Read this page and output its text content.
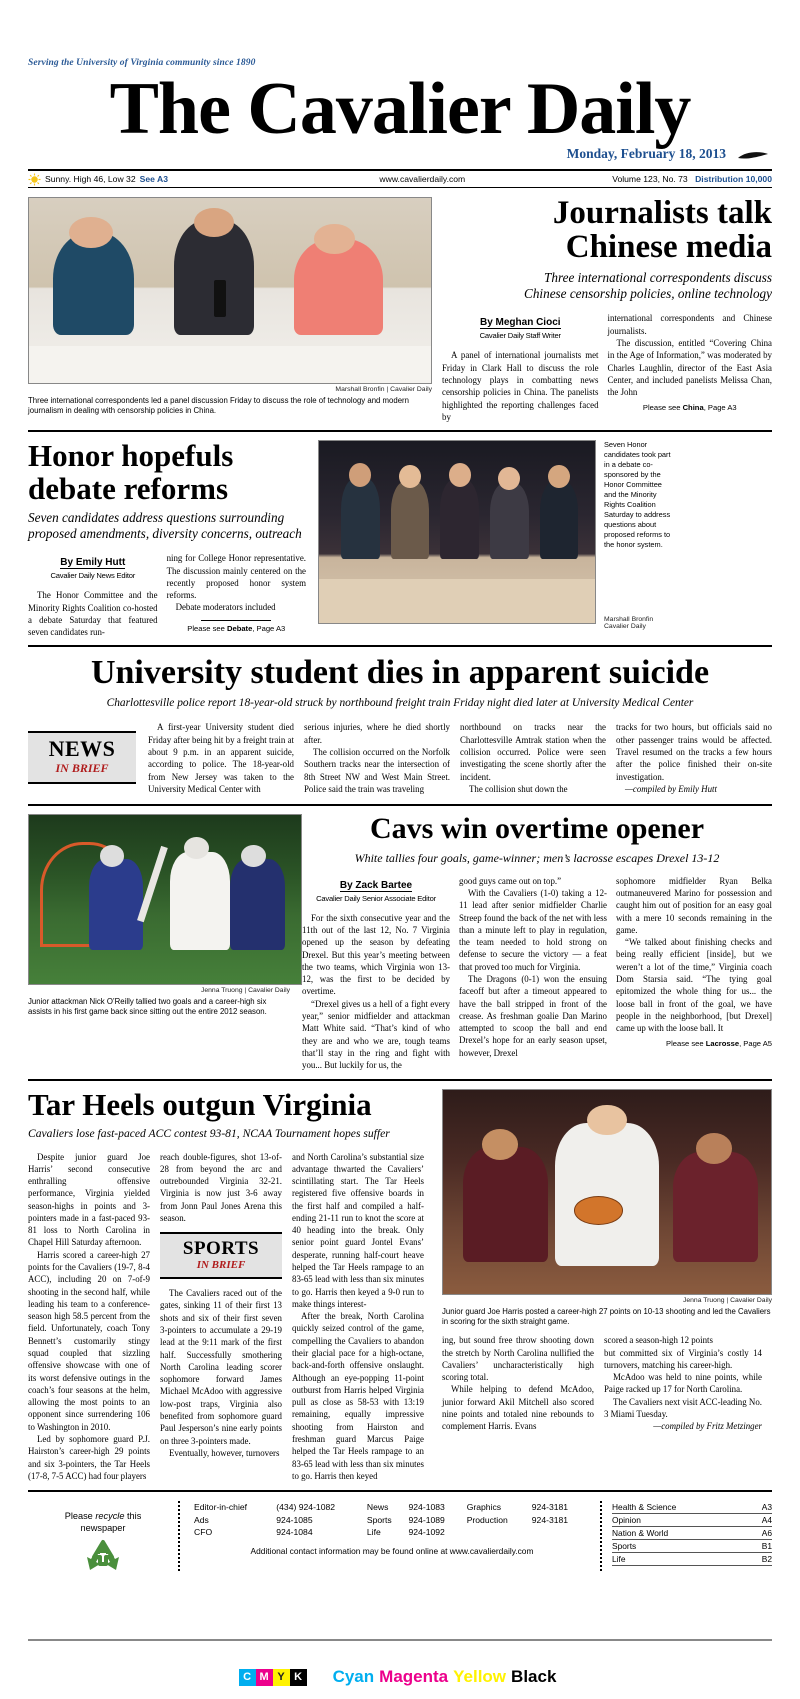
Serving the University of Virginia community since 1890
The Cavalier Daily
Monday, February 18, 2013
Sunny. High 46, Low 32 See A3	www.cavalierdaily.com	Volume 123, No. 73 Distribution 10,000
Marshall Bronfin | Cavalier Daily
Three international correspondents led a panel discussion Friday to discuss the role of technology and modern journalism in dealing with censorship policies in China.
Journalists talk
Chinese media
Three international correspondents discuss
Chinese censorship policies, online technology
By Meghan Cioci
Cavalier Daily Staff Writer

A panel of international journalists met Friday in Clark Hall to discuss the role technology plays in combatting news censorship policies in China. The panelists highlighted the reporting challenges faced by

international correspondents and Chinese journalists.

The discussion, entitled “Covering China in the Age of Information,” was moderated by Charles Laughlin, director of the East Asia Center, and included panelists Melissa Chan, the John

Please see China, Page A3
Honor hopefuls
debate reforms
Seven candidates address questions surrounding
proposed amendments, diversity concerns, outreach
By Emily Hutt
Cavalier Daily News Editor

The Honor Committee and the Minority Rights Coalition co-hosted a debate Saturday that featured seven candidates run-

ning for College Honor representative. The discussion mainly centered on the recently proposed honor system reforms.

Debate moderators included

Please see Debate, Page A3
Seven Honor candidates took part in a debate co-sponsored by the Honor Committee and the Minority Rights Coalition Saturday to address questions about proposed reforms to the honor system.
Marshall Bronfin
Cavalier Daily
University student dies in apparent suicide
Charlottesville police report 18-year-old struck by northbound freight train Friday night died later at University Medical Center
NEWS
IN BRIEF

A first-year University student died Friday after being hit by a freight train at about 9 p.m. in an apparent suicide, according to police. The 18-year-old from New Jersey was taken to the University Medical Center with

serious injuries, where he died shortly after.

The collision occurred on the Norfolk Southern tracks near the intersection of 8th Street NW and West Main Street. Police said the train was traveling

northbound on tracks near the Charlottesville Amtrak station when the collision occurred. Police were seen investigating the scene shortly after the incident.

The collision shut down the

tracks for two hours, but officials said no other passenger trains would be affected. Travel resumed on the tracks a few hours after the police finished their on-site investigation.

—compiled by Emily Hutt

Jenna Truong | Cavalier Daily
Junior attackman Nick O’Reilly tallied two goals and a career-high six assists in his first game back since sitting out the entire 2012 season.
Cavs win overtime opener
White tallies four goals, game-winner; men’s lacrosse escapes Drexel 13-12
By Zack Bartee
Cavalier Daily Senior Associate Editor

For the sixth consecutive year and the 11th out of the last 12, No. 7 Virginia opened up the season by defeating Drexel. But this year’s meeting between the two teams, which Virginia won 13-12, was the first to be decided by overtime.

“Drexel gives us a hell of a fight every year,” senior midfielder and attackman Matt White said. “That’s kind of who they are and who we are, tough teams that’ll stay in the ring and fight with you... But luckily for us, the

good guys came out on top.”

With the Cavaliers (1-0) taking a 12-11 lead after senior midfielder Charlie Streep found the back of the net with less than a minute left to play in regulation, the team needed to hold strong on defense to secure the victory — a feat that proved too much for Virginia.

The Dragons (0-1) won the ensuing faceoff but after a timeout appeared to have the ball stripped in front of the crease. As freshman goalie Dan Marino attempted to scoop the ball and end Drexel’s hope for an early season upset, however, Drexel

sophomore midfielder Ryan Belka outmaneuvered Marino for possession and caught him out of position for an easy goal with a mere 10 seconds remaining in the game.

“We talked about finishing checks and being really efficient [inside], but we weren’t a lot of the time,” Virginia coach Dom Starsia said. “The tying goal epitomized the whole thing for us... the loose ball in front of the goal, we have people in the neighborhood, [but Drexel] came up with the loose ball. It

Please see Lacrosse, Page A5
Tar Heels outgun Virginia
Cavaliers lose fast-paced ACC contest 93-81, NCAA Tournament hopes suffer

Despite junior guard Joe Harris’ second consecutive enthralling offensive performance, Virginia yielded season-highs in points and 3-pointers made in a fast-paced 93-81 loss to North Carolina in Chapel Hill Saturday afternoon.

Harris scored a career-high 27 points for the Cavaliers (19-7, 8-4 ACC), including 20 on 7-of-9 shooting in the second half, while leading his team to a conference-season high 58.5 percent from the field. Unfortunately, coach Tony Bennett’s customarily stingy squad coupled that sizzling offensive showcase with one of its worst defensive outings in the coach’s four seasons at the helm, allowing the most points to an opponent since surrendering 106 to Washington in 2010.

Led by sophomore guard P.J. Hairston’s career-high 29 points and six 3-pointers, the Tar Heels (17-8, 7-5 ACC) had four players

reach double-figures, shot 13-of-28 from beyond the arc and outrebounded Virginia 32-21. Virginia is now just 3-6 away from Jonn Paul Jones Arena this season.

SPORTS
IN BRIEF

The Cavaliers raced out of the gates, sinking 11 of their first 13 shots and six of their first seven 3-pointers to accumulate a 29-19 lead at the 9:11 mark of the first half. Successfully smothering North Carolina leading scorer sophomore forward James Michael McAdoo with aggressive low-post traps, Virginia also benefited from sophomore guard Paul Jesperson’s nine early points on three 3-pointers made.

Eventually, however, turnovers

and North Carolina’s substantial size advantage thwarted the Cavaliers’ scintillating start. The Tar Heels registered five offensive boards in the first half and compiled a half-ending 21-11 run to knot the score at 40 heading into the break. Only senior point guard Jontel Evans’ desperate, running half-court heave helped the Tar Heels rampage to an 83-65 lead with less than six minutes to go. Harris then keyed a 9-0 run to make things interest-

After the break, North Carolina quickly seized control of the game, compelling the Cavaliers to abandon their glacial pace for a high-octane, back-and-forth offensive onslaught. Although an eye-popping 11-point outburst from Harris helped Virginia pull as close as 58-53 with 13:19 remaining, equally impressive shooting from Hairston and freshman guard Marcus Paige helped the Tar Heels rampage to an 83-65 lead with less than six minutes to go. Harris then keyed

Jenna Truong | Cavalier Daily
Junior guard Joe Harris posted a career-high 27 points on 10-13 shooting and led the Cavaliers in scoring for the sixth straight game.

ing, but sound free throw shooting down the stretch by North Carolina nullified the Cavaliers’ uncharacteristically high scoring total.

While helping to defend McAdoo, junior forward Akil Mitchell also scored nine points and totaled nine rebounds to complement Harris. Evans

scored a season-high 12 points

but committed six of Virginia’s costly 14 turnovers, matching his career-high.

McAdoo was held to nine points, while Paige racked up 17 for North Carolina.

The Cavaliers next visit ACC-leading No. 3 Miami Tuesday.

—compiled by Fritz Metzinger

Please recycle this
newspaper
Editor-in-chief	(434) 924-1082	News	924-1083	Graphics	924-3181
Ads	924-1085	Sports	924-1089	Production	924-3181
CFO	924-1084	Life	924-1092		
Additional contact information may be found online at www.cavalierdaily.com
Health & Science	A3
Opinion	A4
Nation & World	A6
Sports	B1
Life	B2
C M Y K Cyan Magenta Yellow Black
